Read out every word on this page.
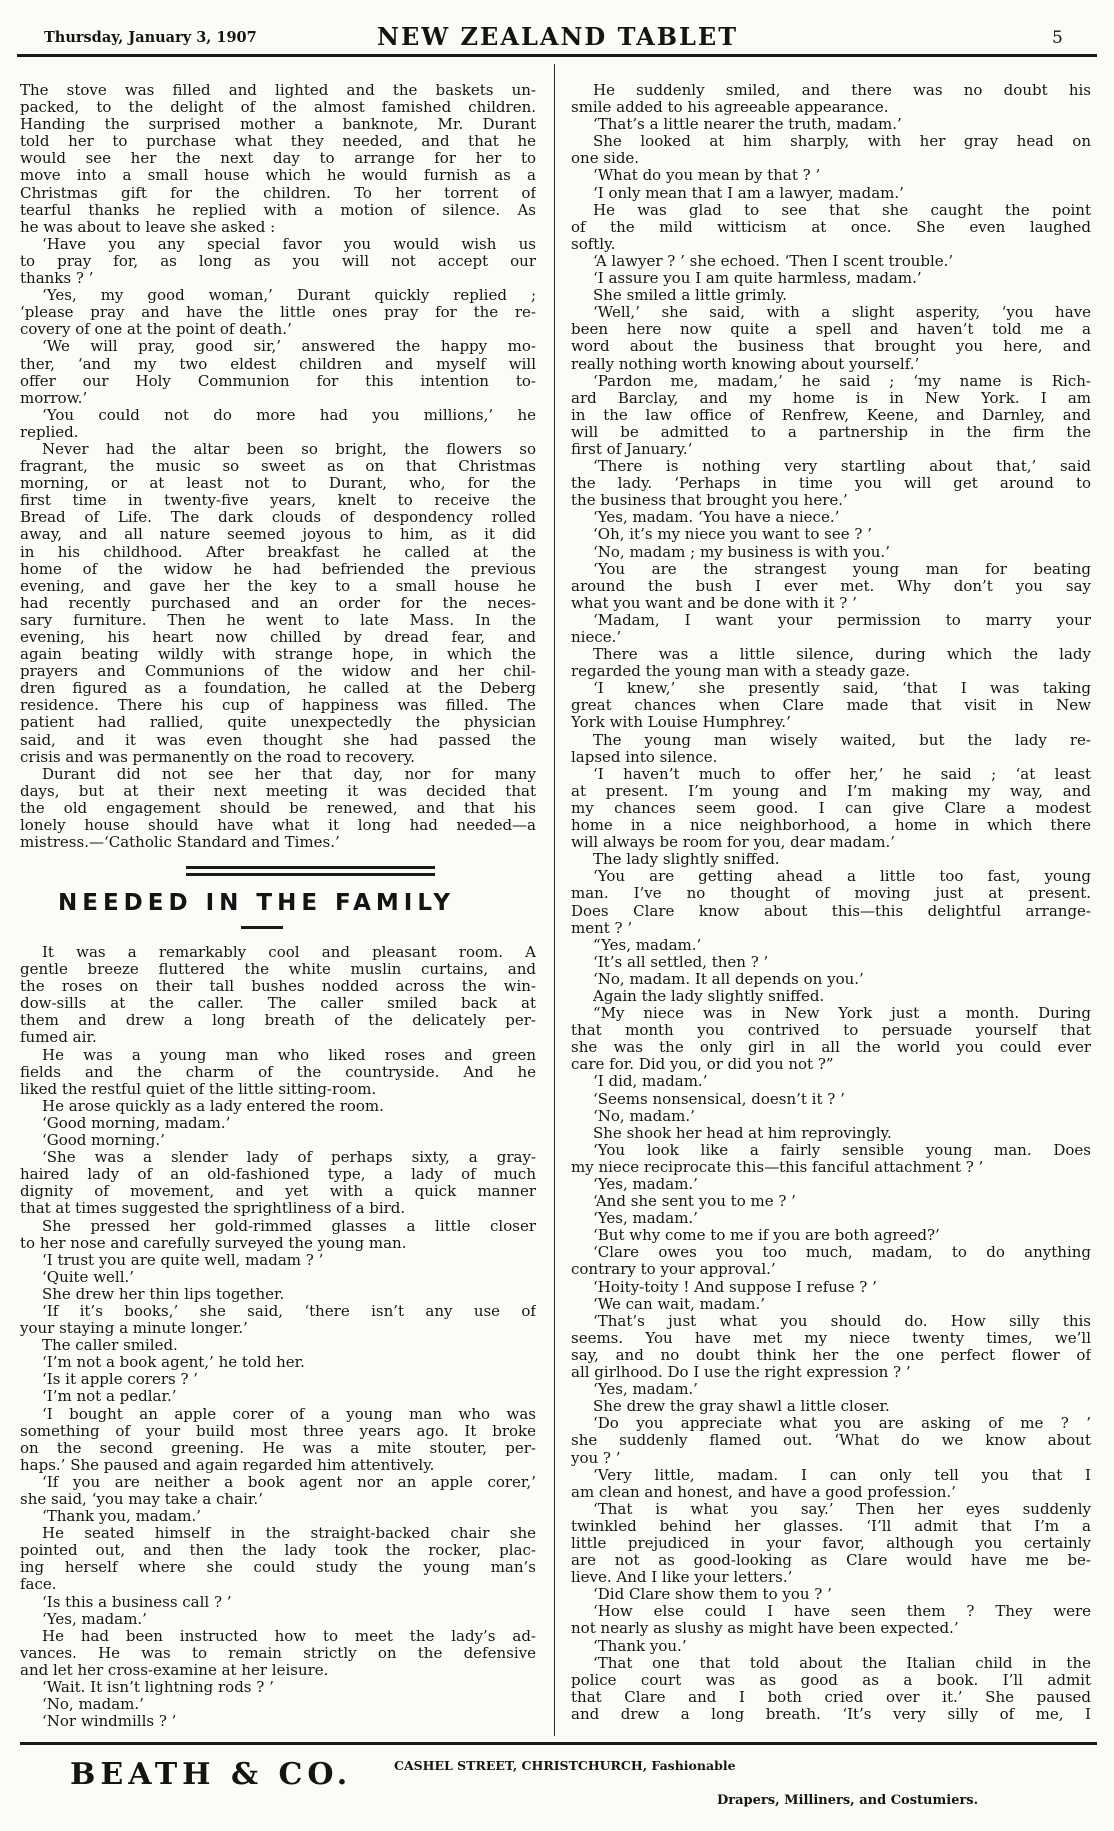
Thursday, January 3, 1907	NEW ZEALAND TABLET	5
The stove was filled and lighted and the baskets un-
packed, to the delight of the almost famished children.
Handing the surprised mother a banknote, Mr. Durant
told her to purchase what they needed, and that he
would see her the next day to arrange for her to
move into a small house which he would furnish as a
Christmas gift for the children. To her torrent of
tearful thanks he replied with a motion of silence. As
he was about to leave she asked :
‘Have you any special favor you would wish us
to pray for, as long as you will not accept our
thanks ? ’
‘Yes, my good woman,’ Durant quickly replied ;
‘please pray and have the little ones pray for the re-
covery of one at the point of death.’
‘We will pray, good sir,’ answered the happy mo-
ther, ‘and my two eldest children and myself will
offer our Holy Communion for this intention to-
morrow.’
‘You could not do more had you millions,’ he
replied.
Never had the altar been so bright, the flowers so
fragrant, the music so sweet as on that Christmas
morning, or at least not to Durant, who, for the
first time in twenty-five years, knelt to receive the
Bread of Life. The dark clouds of despondency rolled
away, and all nature seemed joyous to him, as it did
in his childhood. After breakfast he called at the
home of the widow he had befriended the previous
evening, and gave her the key to a small house he
had recently purchased and an order for the neces-
sary furniture. Then he went to late Mass. In the
evening, his heart now chilled by dread fear, and
again beating wildly with strange hope, in which the
prayers and Communions of the widow and her chil-
dren figured as a foundation, he called at the Deberg
residence. There his cup of happiness was filled. The
patient had rallied, quite unexpectedly the physician
said, and it was even thought she had passed the
crisis and was permanently on the road to recovery.
Durant did not see her that day, nor for many
days, but at their next meeting it was decided that
the old engagement should be renewed, and that his
lonely house should have what it long had needed—a
mistress.—‘Catholic Standard and Times.’
NEEDED IN THE FAMILY
It was a remarkably cool and pleasant room. A
gentle breeze fluttered the white muslin curtains, and
the roses on their tall bushes nodded across the win-
dow-sills at the caller. The caller smiled back at
them and drew a long breath of the delicately per-
fumed air.
He was a young man who liked roses and green
fields and the charm of the countryside. And he
liked the restful quiet of the little sitting-room.
He arose quickly as a lady entered the room.
‘Good morning, madam.’
‘Good morning.’
‘She was a slender lady of perhaps sixty, a gray-
haired lady of an old-fashioned type, a lady of much
dignity of movement, and yet with a quick manner
that at times suggested the sprightliness of a bird.
She pressed her gold-rimmed glasses a little closer
to her nose and carefully surveyed the young man.
‘I trust you are quite well, madam ? ’
‘Quite well.’
She drew her thin lips together.
‘If it’s books,’ she said, ‘there isn’t any use of
your staying a minute longer.’
The caller smiled.
‘I’m not a book agent,’ he told her.
‘Is it apple corers ? ’
‘I’m not a pedlar.’
‘I bought an apple corer of a young man who was
something of your build most three years ago. It broke
on the second greening. He was a mite stouter, per-
haps.’ She paused and again regarded him attentively.
‘If you are neither a book agent nor an apple corer,’
she said, ‘you may take a chair.’
‘Thank you, madam.’
He seated himself in the straight-backed chair she
pointed out, and then the lady took the rocker, plac-
ing herself where she could study the young man’s
face.
‘Is this a business call ? ’
‘Yes, madam.’
He had been instructed how to meet the lady’s ad-
vances. He was to remain strictly on the defensive
and let her cross-examine at her leisure.
‘Wait. It isn’t lightning rods ? ’
‘No, madam.’
‘Nor windmills ? ’
He suddenly smiled, and there was no doubt his
smile added to his agreeable appearance.
‘That’s a little nearer the truth, madam.’
She looked at him sharply, with her gray head on
one side.
‘What do you mean by that ? ’
‘I only mean that I am a lawyer, madam.’
He was glad to see that she caught the point
of the mild witticism at once. She even laughed
softly.
‘A lawyer ? ’ she echoed. ‘Then I scent trouble.’
‘I assure you I am quite harmless, madam.’
She smiled a little grimly.
‘Well,’ she said, with a slight asperity, ‘you have
been here now quite a spell and haven’t told me a
word about the business that brought you here, and
really nothing worth knowing about yourself.’
‘Pardon me, madam,’ he said ; ‘my name is Rich-
ard Barclay, and my home is in New York. I am
in the law office of Renfrew, Keene, and Darnley, and
will be admitted to a partnership in the firm the
first of January.’
‘There is nothing very startling about that,’ said
the lady. ‘Perhaps in time you will get around to
the business that brought you here.’
‘Yes, madam. ‘You have a niece.’
‘Oh, it’s my niece you want to see ? ’
‘No, madam ; my business is with you.’
‘You are the strangest young man for beating
around the bush I ever met. Why don’t you say
what you want and be done with it ? ’
‘Madam, I want your permission to marry your
niece.’
There was a little silence, during which the lady
regarded the young man with a steady gaze.
‘I knew,’ she presently said, ‘that I was taking
great chances when Clare made that visit in New
York with Louise Humphrey.’
The young man wisely waited, but the lady re-
lapsed into silence.
‘I haven’t much to offer her,’ he said ; ‘at least
at present. I’m young and I’m making my way, and
my chances seem good. I can give Clare a modest
home in a nice neighborhood, a home in which there
will always be room for you, dear madam.’
The lady slightly sniffed.
‘You are getting ahead a little too fast, young
man. I’ve no thought of moving just at present.
Does Clare know about this—this delightful arrange-
ment ? ’
“Yes, madam.’
‘It’s all settled, then ? ’
‘No, madam. It all depends on you.’
Again the lady slightly sniffed.
“My niece was in New York just a month. During
that month you contrived to persuade yourself that
she was the only girl in all the world you could ever
care for. Did you, or did you not ?”
‘I did, madam.’
‘Seems nonsensical, doesn’t it ? ’
‘No, madam.’
She shook her head at him reprovingly.
‘You look like a fairly sensible young man. Does
my niece reciprocate this—this fanciful attachment ? ’
‘Yes, madam.’
‘And she sent you to me ? ’
‘Yes, madam.’
‘But why come to me if you are both agreed?’
‘Clare owes you too much, madam, to do anything
contrary to your approval.’
‘Hoity-toity ! And suppose I refuse ? ’
‘We can wait, madam.’
‘That’s just what you should do. How silly this
seems. You have met my niece twenty times, we’ll
say, and no doubt think her the one perfect flower of
all girlhood. Do I use the right expression ? ’
‘Yes, madam.’
She drew the gray shawl a little closer.
‘Do you appreciate what you are asking of me ? ’
she suddenly flamed out. ‘What do we know about
you ? ’
‘Very little, madam. I can only tell you that I
am clean and honest, and have a good profession.’
‘That is what you say.’ Then her eyes suddenly
twinkled behind her glasses. ‘I’ll admit that I’m a
little prejudiced in your favor, although you certainly
are not as good-looking as Clare would have me be-
lieve. And I like your letters.’
‘Did Clare show them to you ? ’
‘How else could I have seen them ? They were
not nearly as slushy as might have been expected.’
‘Thank you.’
‘That one that told about the Italian child in the
police court was as good as a book. I’ll admit
that Clare and I both cried over it.’ She paused
and drew a long breath. ‘It’s very silly of me, I
BEATH & CO.	CASHEL STREET, CHRISTCHURCH, Fashionable
Drapers, Milliners, and Costumiers.
